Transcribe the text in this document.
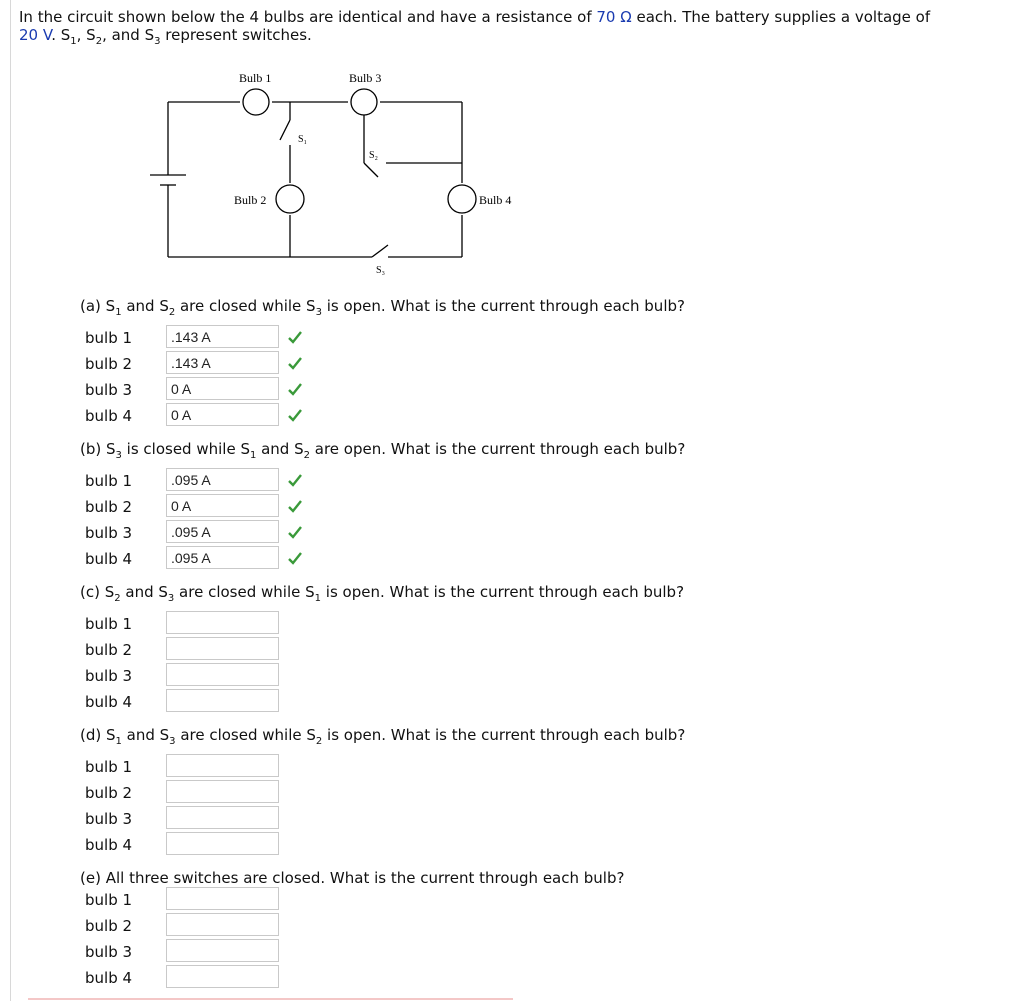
In the circuit shown below the 4 bulbs are identical and have a resistance of 70 Ω each. The battery supplies a voltage of
20 V. $S_1$, $S_2$, and $S_3$ represent switches.
Bulb 1	Bulb 3
Bulb 2	Bulb 4
S₁
S₂
S₃

(a) $S_1$ and $S_2$ are closed while $S_3$ is open. What is the current through each bulb?

bulb 1	.143 A
bulb 2	.143 A
bulb 3	0 A
bulb 4	0 A

(b) $S_3$ is closed while $S_1$ and $S_2$ are open. What is the current through each bulb?

bulb 1	.095 A
bulb 2	0 A
bulb 3	.095 A
bulb 4	.095 A

(c) $S_2$ and $S_3$ are closed while $S_1$ is open. What is the current through each bulb?

bulb 1
bulb 2
bulb 3
bulb 4

(d) $S_1$ and $S_3$ are closed while $S_2$ is open. What is the current through each bulb?

bulb 1
bulb 2
bulb 3
bulb 4

(e) All three switches are closed. What is the current through each bulb?

bulb 1
bulb 2
bulb 3
bulb 4
